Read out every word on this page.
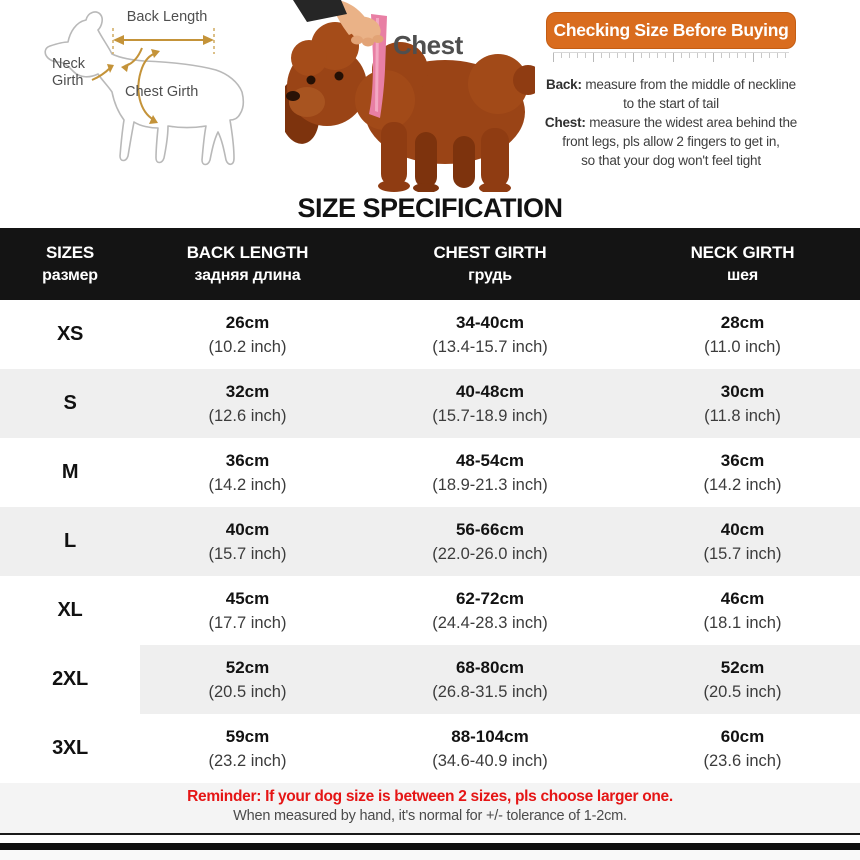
Back Length
Neck Girth
Chest Girth
Chest	Checking Size Before Buying
Back: measure from the middle of neckline
to the start of tail
Chest: measure the widest area behind the
front legs, pls allow 2 fingers to get in,
so that your dog won't feel tight
SIZE SPECIFICATION
SIZES
размер
BACK LENGTH
задняя длина
CHEST GIRTH
грудь
NECK GIRTH
шея
XS
26cm
(10.2 inch)
34-40cm
(13.4-15.7 inch)
28cm
(11.0 inch)
S
32cm
(12.6 inch)
40-48cm
(15.7-18.9 inch)
30cm
(11.8 inch)
M
36cm
(14.2 inch)
48-54cm
(18.9-21.3 inch)
36cm
(14.2 inch)
L
40cm
(15.7 inch)
56-66cm
(22.0-26.0 inch)
40cm
(15.7 inch)
XL
45cm
(17.7 inch)
62-72cm
(24.4-28.3 inch)
46cm
(18.1 inch)
2XL
52cm
(20.5 inch)
68-80cm
(26.8-31.5 inch)
52cm
(20.5 inch)
3XL
59cm
(23.2 inch)
88-104cm
(34.6-40.9 inch)
60cm
(23.6 inch)
Reminder: If your dog size is between 2 sizes, pls choose larger one.
When measured by hand, it's normal for +/- tolerance of 1-2cm.
